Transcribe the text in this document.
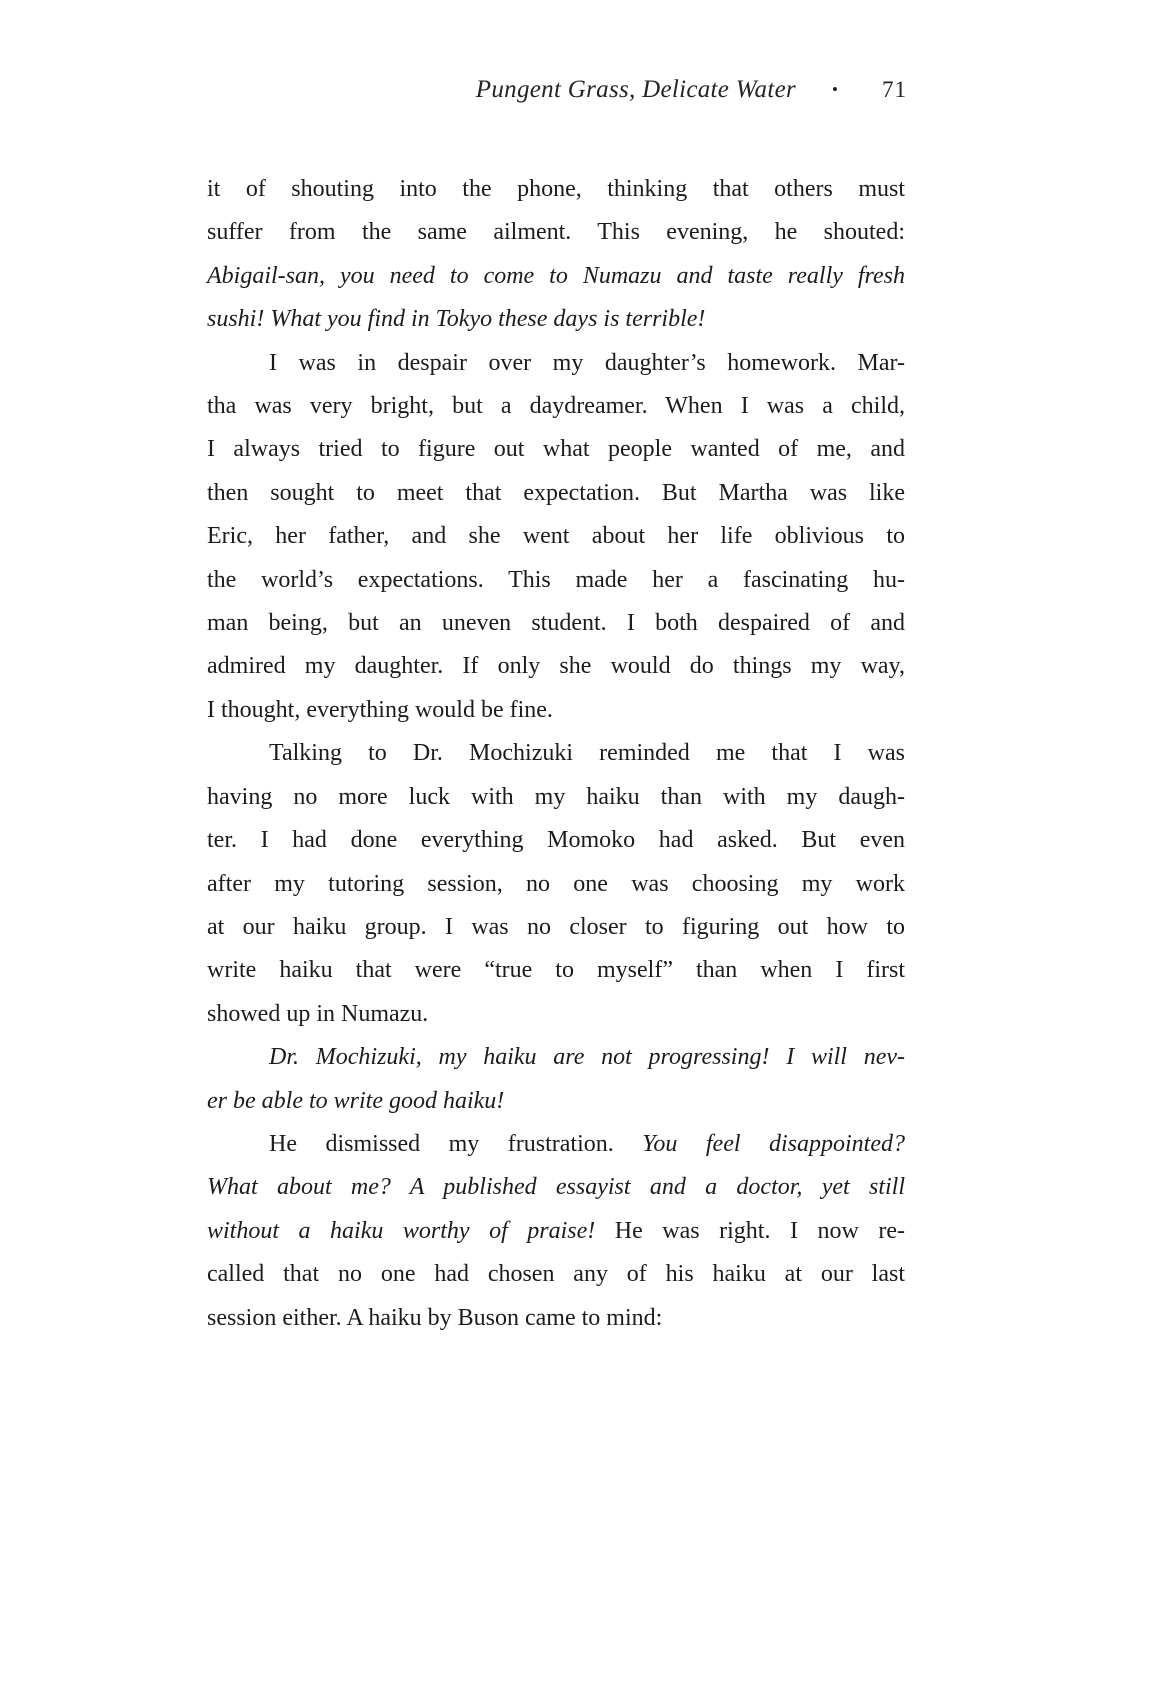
Pungent Grass, Delicate Water • 71
it of shouting into the phone, thinking that others must
suffer from the same ailment. This evening, he shouted:
Abigail-san, you need to come to Numazu and taste really fresh
sushi! What you find in Tokyo these days is terrible!
I was in despair over my daughter’s homework. Mar-
tha was very bright, but a daydreamer. When I was a child,
I always tried to figure out what people wanted of me, and
then sought to meet that expectation. But Martha was like
Eric, her father, and she went about her life oblivious to
the world’s expectations. This made her a fascinating hu-
man being, but an uneven student. I both despaired of and
admired my daughter. If only she would do things my way,
I thought, everything would be fine.
Talking to Dr. Mochizuki reminded me that I was
having no more luck with my haiku than with my daugh-
ter. I had done everything Momoko had asked. But even
after my tutoring session, no one was choosing my work
at our haiku group. I was no closer to figuring out how to
write haiku that were “true to myself” than when I first
showed up in Numazu.
Dr. Mochizuki, my haiku are not progressing! I will nev-
er be able to write good haiku!
He dismissed my frustration. You feel disappointed?
What about me? A published essayist and a doctor, yet still
without a haiku worthy of praise! He was right. I now re-
called that no one had chosen any of his haiku at our last
session either. A haiku by Buson came to mind:
